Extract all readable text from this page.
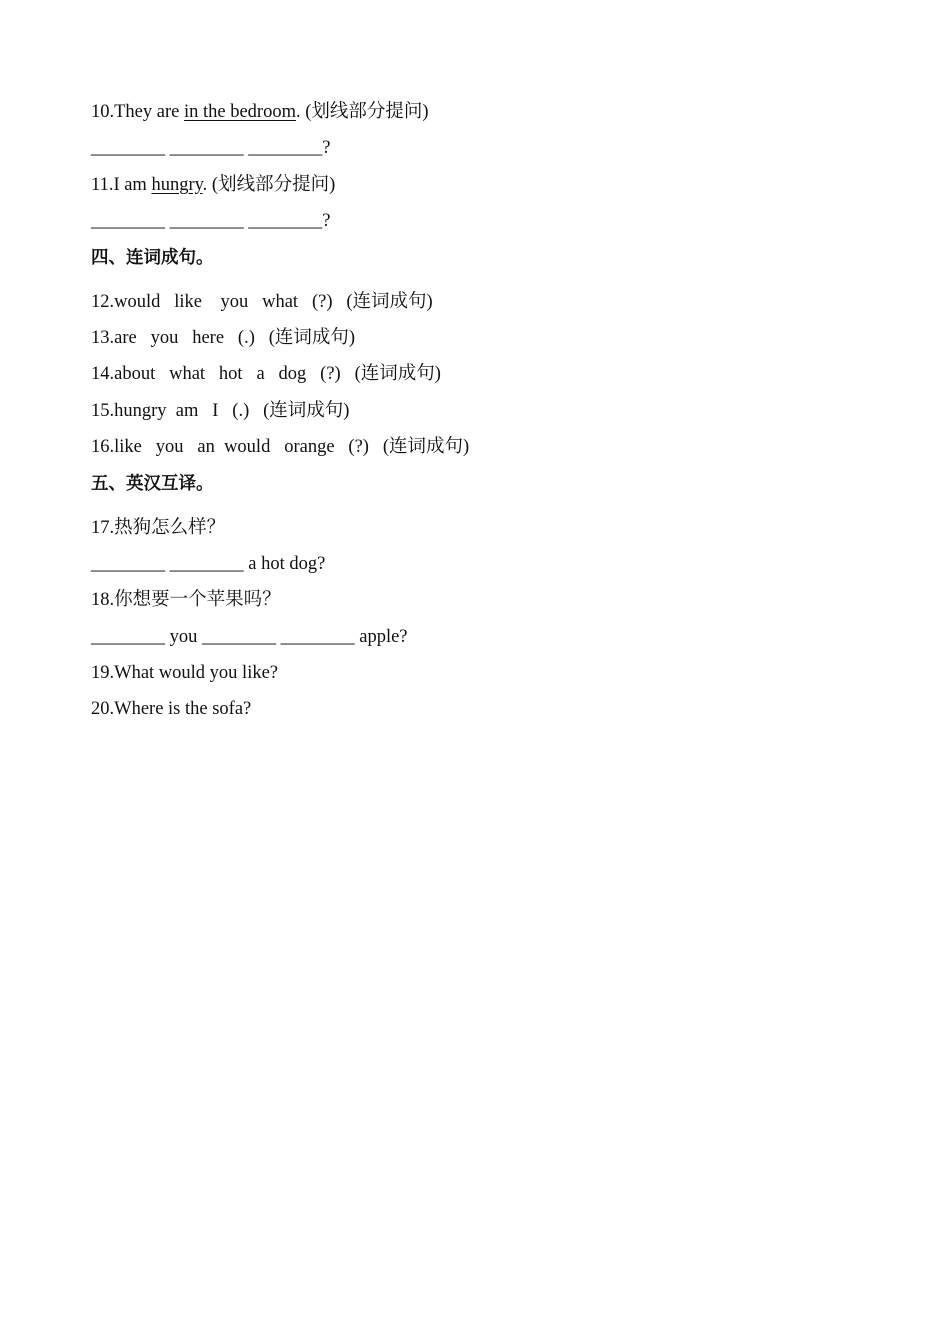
10.They are in the bedroom. (划线部分提问)
________ ________ ________?
11.I am hungry. (划线部分提问)
________ ________ ________?
四、连词成句。
12.would   like    you   what   (?)   (连词成句)
13.are   you   here   (.)   (连词成句)
14.about   what   hot   a   dog   (?)   (连词成句)
15.hungry  am   I   (.)   (连词成句)
16.like   you   an  would   orange   (?)   (连词成句)
五、英汉互译。
17.热狗怎么样？
________ ________ a hot dog?
18.你想要一个苹果吗？
________ you ________ ________ apple?
19.What would you like?
20.Where is the sofa?
